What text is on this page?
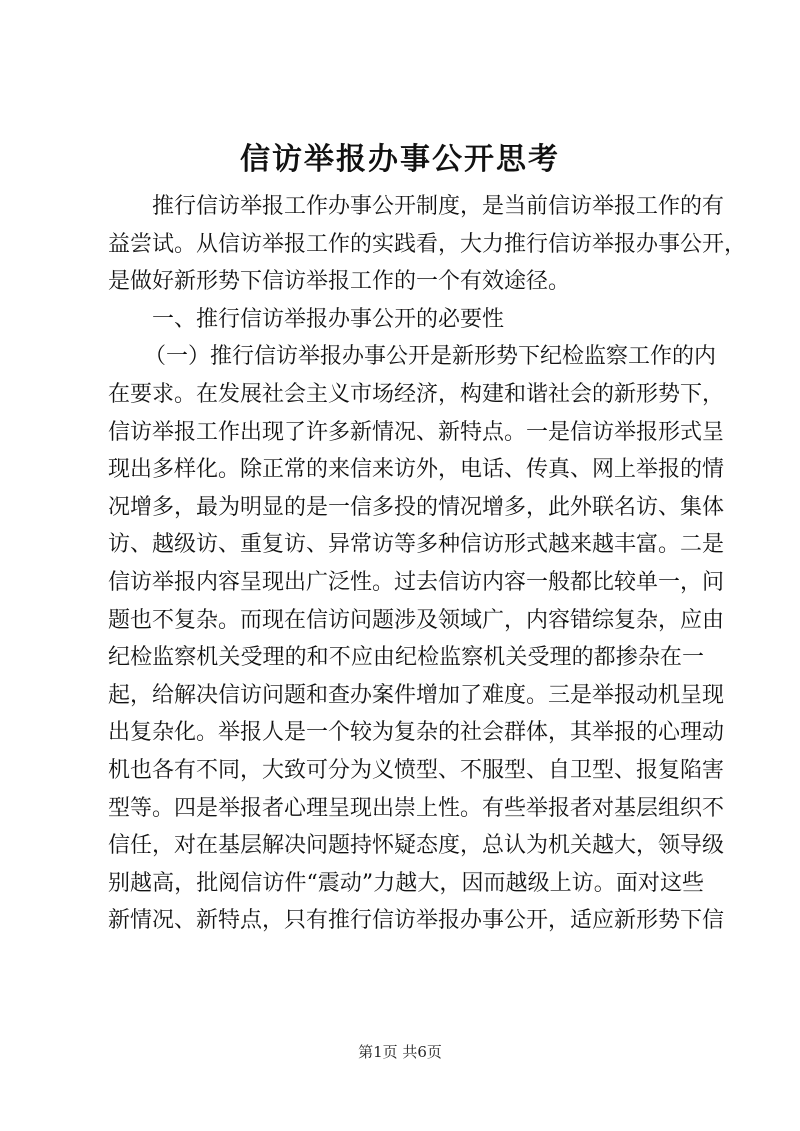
信访举报办事公开思考
推行信访举报工作办事公开制度，是当前信访举报工作的有
益尝试。从信访举报工作的实践看，大力推行信访举报办事公开，
是做好新形势下信访举报工作的一个有效途径。
一、推行信访举报办事公开的必要性
（一）推行信访举报办事公开是新形势下纪检监察工作的内
在要求。在发展社会主义市场经济，构建和谐社会的新形势下，
信访举报工作出现了许多新情况、新特点。一是信访举报形式呈
现出多样化。除正常的来信来访外，电话、传真、网上举报的情
况增多，最为明显的是一信多投的情况增多，此外联名访、集体
访、越级访、重复访、异常访等多种信访形式越来越丰富。二是
信访举报内容呈现出广泛性。过去信访内容一般都比较单一，问
题也不复杂。而现在信访问题涉及领域广，内容错综复杂，应由
纪检监察机关受理的和不应由纪检监察机关受理的都掺杂在一
起，给解决信访问题和查办案件增加了难度。三是举报动机呈现
出复杂化。举报人是一个较为复杂的社会群体，其举报的心理动
机也各有不同，大致可分为义愤型、不服型、自卫型、报复陷害
型等。四是举报者心理呈现出崇上性。有些举报者对基层组织不
信任，对在基层解决问题持怀疑态度，总认为机关越大，领导级
别越高，批阅信访件“震动”力越大，因而越级上访。面对这些
新情况、新特点，只有推行信访举报办事公开，适应新形势下信
第1页 共6页
